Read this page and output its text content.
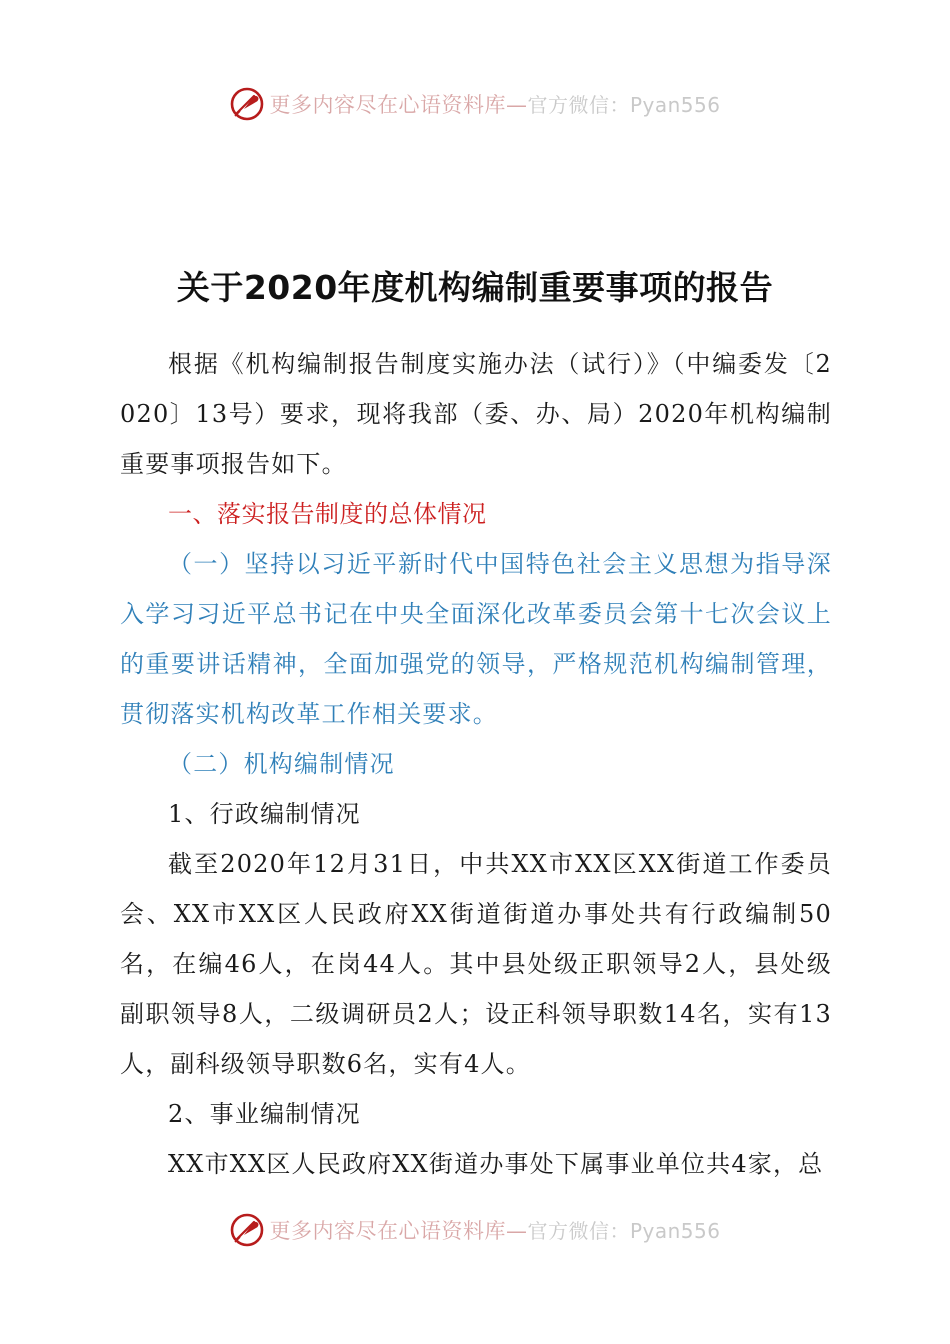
更多内容尽在心语资料库—官方微信：Pyan556
关于2020年度机构编制重要事项的报告

根据《机构编制报告制度实施办法（试行）》（中编委发〔2020〕13号）要求，现将我部（委、办、局）2020年机构编制重要事项报告如下。

一、落实报告制度的总体情况

（一）坚持以习近平新时代中国特色社会主义思想为指导深入学习习近平总书记在中央全面深化改革委员会第十七次会议上的重要讲话精神，全面加强党的领导，严格规范机构编制管理，贯彻落实机构改革工作相关要求。

（二）机构编制情况

1、行政编制情况

截至2020年12月31日，中共XX市XX区XX街道工作委员会、XX市XX区人民政府XX街道街道办事处共有行政编制50名，在编46人，在岗44人。其中县处级正职领导2人，县处级副职领导8人，二级调研员2人；设正科领导职数14名，实有13人，副科级领导职数6名，实有4人。

2、事业编制情况

XX市XX区人民政府XX街道办事处下属事业单位共4家，总

更多内容尽在心语资料库—官方微信：Pyan556
